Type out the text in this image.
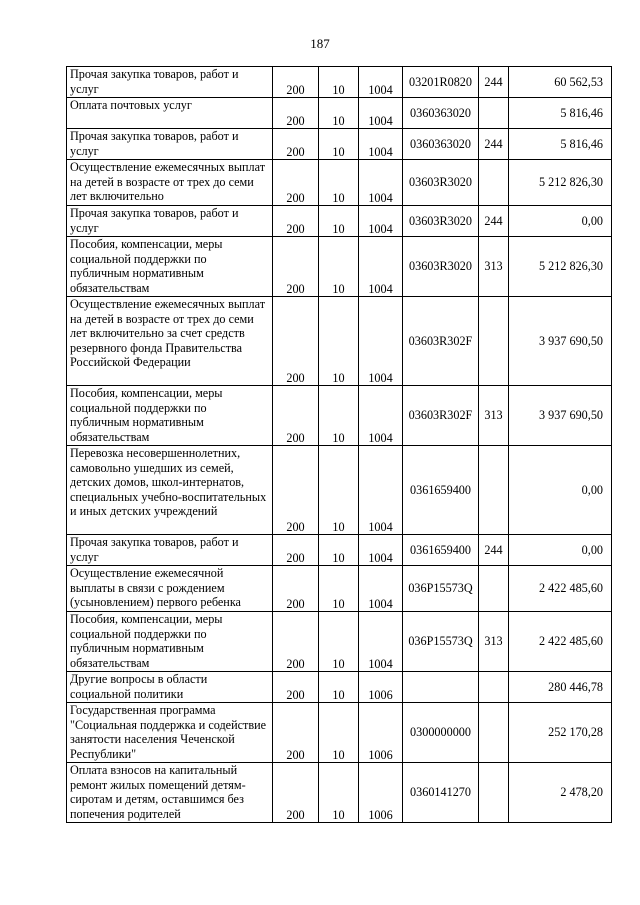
187
Прочая закупка товаров, работ и услуг	200	10	1004	03201R0820	244	60 562,53
Оплата почтовых услуг	200	10	1004	0360363020		5 816,46
Прочая закупка товаров, работ и услуг	200	10	1004	0360363020	244	5 816,46
Осуществление ежемесячных выплат на детей в возрасте от трех до семи лет включительно	200	10	1004	03603R3020		5 212 826,30
Прочая закупка товаров, работ и услуг	200	10	1004	03603R3020	244	0,00
Пособия, компенсации, меры социальной поддержки по публичным нормативным обязательствам	200	10	1004	03603R3020	313	5 212 826,30
Осуществление ежемесячных выплат на детей в возрасте от трех до семи лет включительно за счет средств резервного фонда Правительства Российской Федерации	200	10	1004	03603R302F		3 937 690,50
Пособия, компенсации, меры социальной поддержки по публичным нормативным обязательствам	200	10	1004	03603R302F	313	3 937 690,50
Перевозка несовершеннолетних, самовольно ушедших из семей, детских домов, школ-интернатов, специальных учебно-воспитательных и иных детских учреждений	200	10	1004	0361659400		0,00
Прочая закупка товаров, работ и услуг	200	10	1004	0361659400	244	0,00
Осуществление ежемесячной выплаты в связи с рождением (усыновлением) первого ребенка	200	10	1004	036P15573Q		2 422 485,60
Пособия, компенсации, меры социальной поддержки по публичным нормативным обязательствам	200	10	1004	036P15573Q	313	2 422 485,60
Другие вопросы в области социальной политики	200	10	1006			280 446,78
Государственная программа "Социальная поддержка и содействие занятости населения Чеченской Республики"	200	10	1006	0300000000		252 170,28
Оплата взносов на капитальный ремонт жилых помещений детям-сиротам и детям, оставшимся без попечения родителей	200	10	1006	0360141270		2 478,20
